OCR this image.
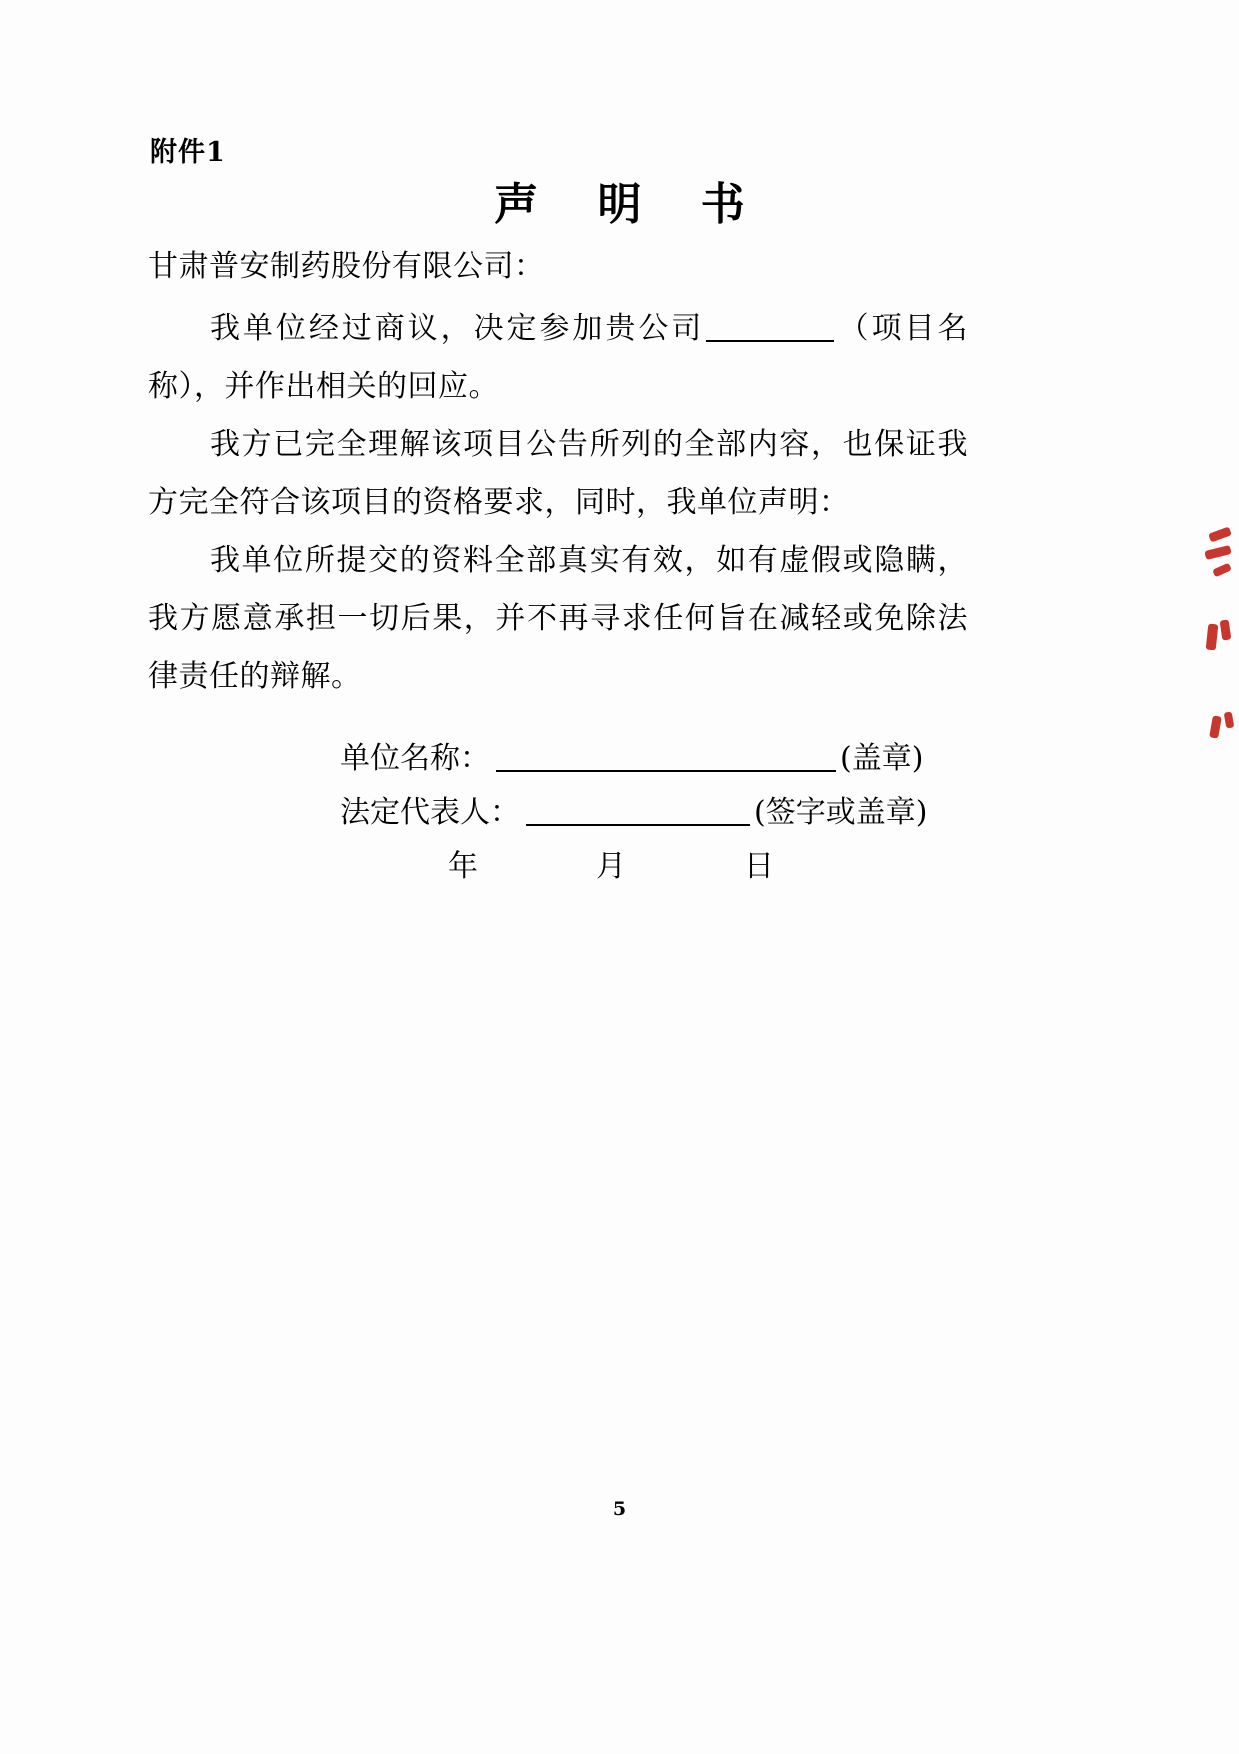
附件1
声 明 书

甘肃普安制药股份有限公司：

我单位经过商议，决定参加贵公司	（项目名称），并作出相关的回应。

我方已完全理解该项目公告所列的全部内容，也保证我方完全符合该项目的资格要求，同时，我单位声明：

我单位所提交的资料全部真实有效，如有虚假或隐瞒，我方愿意承担一切后果，并不再寻求任何旨在减轻或免除法律责任的辩解。

单位名称：	(盖章)
法定代表人：	(签字或盖章)
年　月　日
5
